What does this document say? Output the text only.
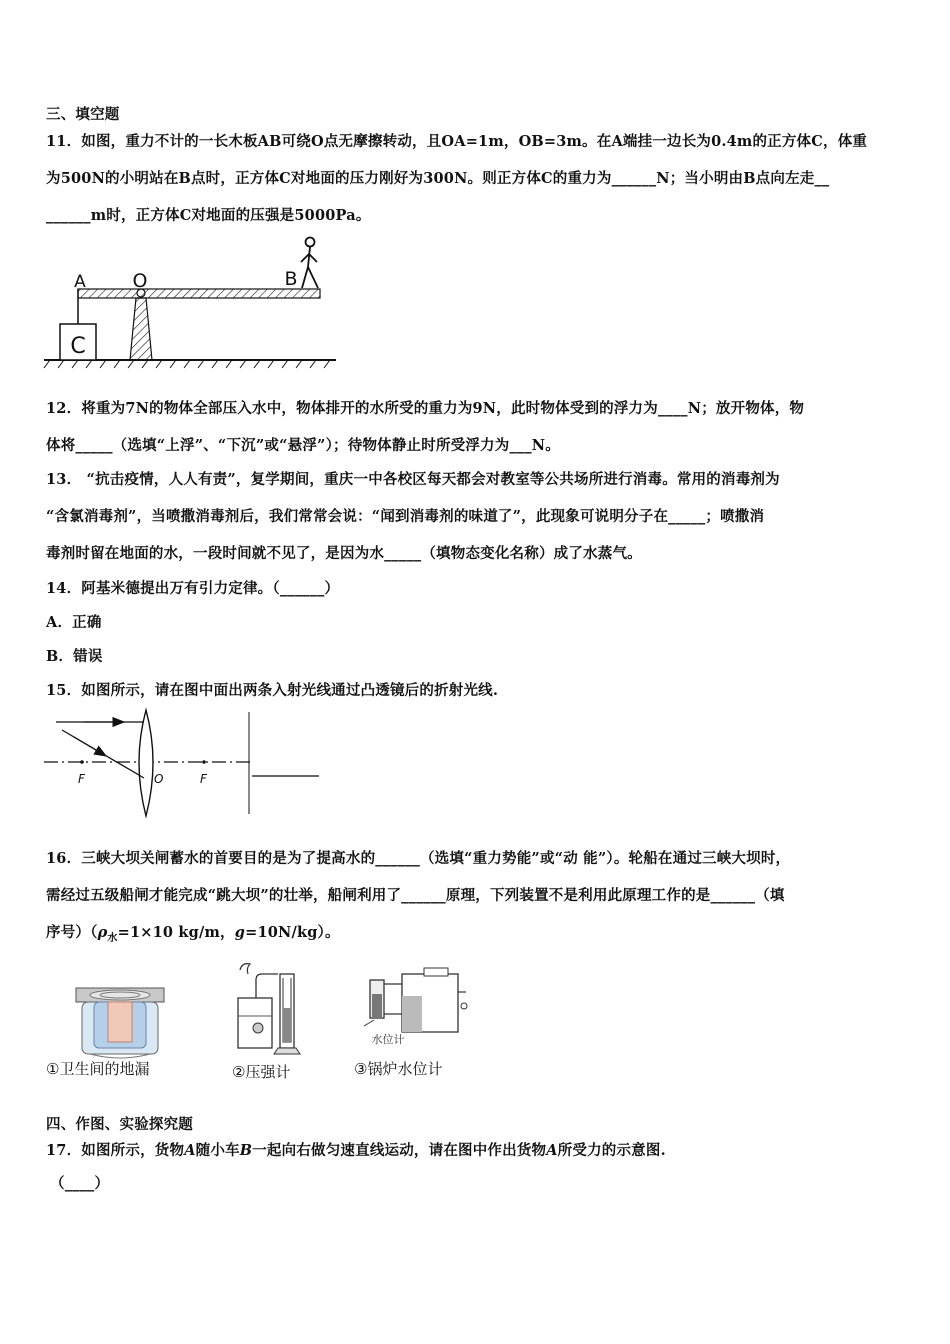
三、填空题
11．如图，重力不计的一长木板AB可绕O点无摩擦转动，且OA=1m，OB=3m。在A端挂一边长为0.4m的正方体C，体重
为500N的小明站在B点时，正方体C对地面的压力刚好为300N。则正方体C的重力为______N；当小明由B点向左走__
______m时，正方体C对地面的压强是5000Pa。
C
A O	B
12．将重为7N的物体全部压入水中，物体排开的水所受的重力为9N，此时物体受到的浮力为____N；放开物体，物
体将_____（选填“上浮”、“下沉”或“悬浮”）；待物体静止时所受浮力为___N。
13． “抗击疫情，人人有责”，复学期间，重庆一中各校区每天都会对教室等公共场所进行消毒。常用的消毒剂为
“含氯消毒剂”，当喷撒消毒剂后，我们常常会说：“闻到消毒剂的味道了”，此现象可说明分子在_____；喷撒消
毒剂时留在地面的水，一段时间就不见了，是因为水_____（填物态变化名称）成了水蒸气。
14．阿基米德提出万有引力定律。（______）
A．正确
B．错误
15．如图所示，请在图中面出两条入射光线通过凸透镜后的折射光线.
F	O	F
16．三峡大坝关闸蓄水的首要目的是为了提高水的______（选填“重力势能”或“动 能”）。轮船在通过三峡大坝时，
需经过五级船闸才能完成“跳大坝”的壮举，船闸利用了______原理，下列装置不是利用此原理工作的是______（填
序号）（$\rho_水=1\times 10$ kg/m，g=10N/kg）。
①卫生间的地漏	②压强计
水位计
③锅炉水位计
四、作图、实验探究题
17．如图所示，货物A随小车B一起向右做匀速直线运动，请在图中作出货物A所受力的示意图.
（____）
